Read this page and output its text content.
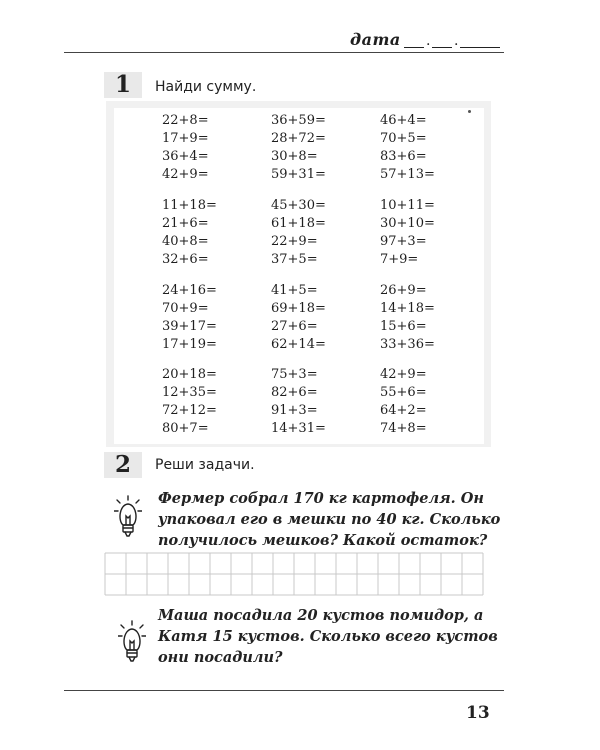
дата . .
1	Найди сумму.
22+8=
17+9=
36+4=
42+9=
36+59=
28+72=
30+8=
59+31=
46+4=
70+5=
83+6=
57+13=
11+18=
21+6=
40+8=
32+6=
45+30=
61+18=
22+9=
37+5=
10+11=
30+10=
97+3=
7+9=
24+16=
70+9=
39+17=
17+19=
41+5=
69+18=
27+6=
62+14=
26+9=
14+18=
15+6=
33+36=
20+18=
12+35=
72+12=
80+7=
75+3=
82+6=
91+3=
14+31=
42+9=
55+6=
64+2=
74+8=
2	Реши задачи.
Фермер собрал 170 кг картофеля. Он
упаковал его в мешки по 40 кг. Сколько
получилось мешков? Какой остаток?
Маша посадила 20 кустов помидор, а
Катя 15 кустов. Сколько всего кустов
они посадили?
13
